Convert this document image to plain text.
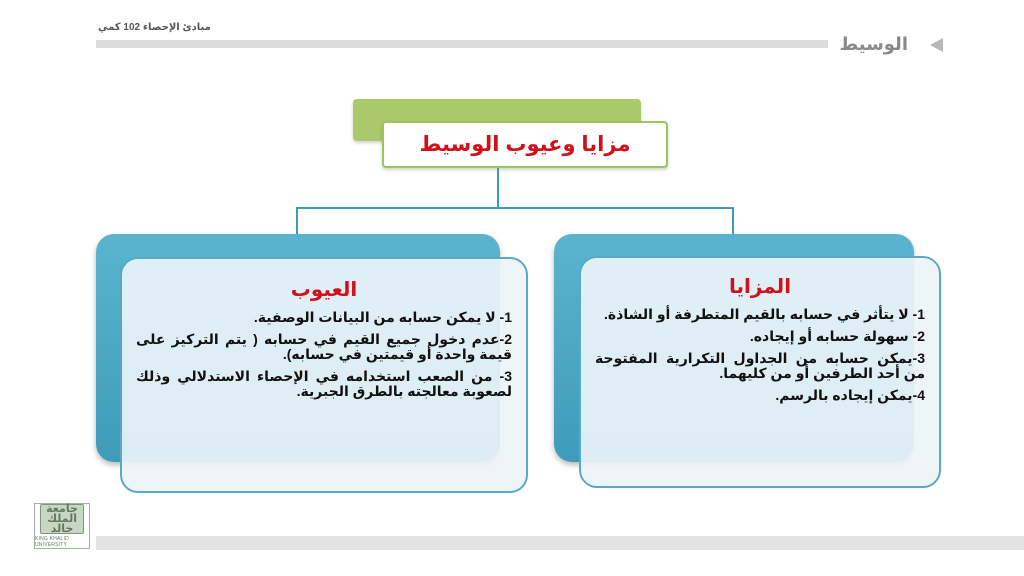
مبادئ الإحصاء 102 كمي
الوسيط
مزايا وعيوب الوسيط
العيوب
1- لا يمكن حسابه من البيانات الوصفية.
2-عدم دخول جميع القيم في حسابه ( يتم التركيز على قيمة واحدة أو قيمتين في حسابه).
3- من الصعب استخدامه في الإحصاء الاستدلالي وذلك لصعوبة معالجته بالطرق الجبرية.
المزايا
1- لا يتأثر في حسابه بالقيم المتطرفة أو الشاذة.
2- سهولة حسابه أو إيجاده.
3-يمكن حسابه من الجداول التكرارية المفتوحة من أحد الطرفين أو من كليهما.
4-يمكن إيجاده بالرسم.
جامعة الملك خالد
KING KHALID UNIVERSITY
